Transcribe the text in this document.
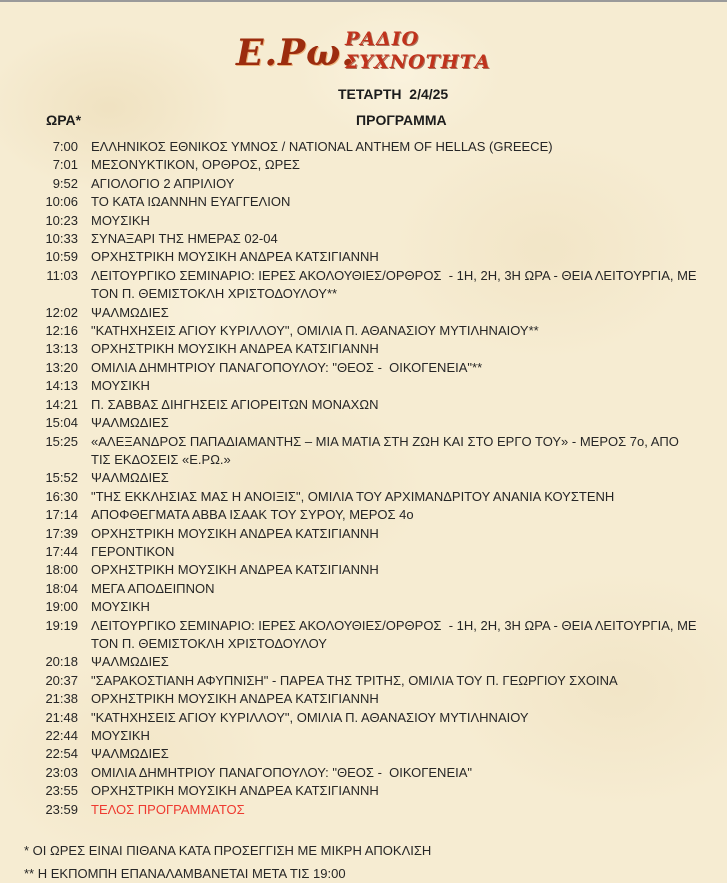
Ε.Ρω.
ΡΑΔΙΟ
ΣΥΧΝΟΤΗΤΑ
ΤΕΤΑΡΤΗ  2/4/25
ΩΡΑ*	ΠΡΟΓΡΑΜΜΑ
7:00 ΕΛΛΗΝΙΚΟΣ ΕΘΝΙΚΟΣ ΥΜΝΟΣ / NATIONAL ANTHEM OF HELLAS (GREECE)
7:01 ΜΕΣΟΝΥΚΤΙΚΟΝ, ΟΡΘΡΟΣ, ΩΡΕΣ
9:52 ΑΓΙΟΛΟΓΙΟ 2 ΑΠΡΙΛΙΟΥ
10:06 ΤΟ ΚΑΤΑ ΙΩΑΝΝΗΝ ΕΥΑΓΓΕΛΙΟΝ
10:23 ΜΟΥΣΙΚΗ
10:33 ΣΥΝΑΞΑΡΙ ΤΗΣ ΗΜΕΡΑΣ 02-04
10:59 ΟΡΧΗΣΤΡΙΚΗ ΜΟΥΣΙΚΗ ΑΝΔΡΕΑ ΚΑΤΣΙΓΙΑΝΝΗ
11:03 ΛΕΙΤΟΥΡΓΙΚΟ ΣΕΜΙΝΑΡΙΟ: ΙΕΡΕΣ ΑΚΟΛΟΥΘΙΕΣ/ΟΡΘΡΟΣ  - 1Η, 2Η, 3Η ΩΡΑ - ΘΕΙΑ ΛΕΙΤΟΥΡΓΙΑ, ΜΕ ΤΟΝ Π. ΘΕΜΙΣΤΟΚΛΗ ΧΡΙΣΤΟΔΟΥΛΟΥ**
12:02 ΨΑΛΜΩΔΙΕΣ
12:16 "ΚΑΤΗΧΗΣΕΙΣ ΑΓΙΟΥ ΚΥΡΙΛΛΟΥ", ΟΜΙΛΙΑ Π. ΑΘΑΝΑΣΙΟΥ ΜΥΤΙΛΗΝΑΙΟΥ**
13:13 ΟΡΧΗΣΤΡΙΚΗ ΜΟΥΣΙΚΗ ΑΝΔΡΕΑ ΚΑΤΣΙΓΙΑΝΝΗ
13:20 ΟΜΙΛΙΑ ΔΗΜΗΤΡΙΟΥ ΠΑΝΑΓΟΠΟΥΛΟΥ: "ΘΕΟΣ -  ΟΙΚΟΓΕΝΕΙΑ"**
14:13 ΜΟΥΣΙΚΗ
14:21 Π. ΣΑΒΒΑΣ ΔΙΗΓΗΣΕΙΣ ΑΓΙΟΡΕΙΤΩΝ ΜΟΝΑΧΩΝ
15:04 ΨΑΛΜΩΔΙΕΣ
15:25 «ΑΛΕΞΑΝΔΡΟΣ ΠΑΠΑΔΙΑΜΑΝΤΗΣ – ΜΙΑ ΜΑΤΙΑ ΣΤΗ ΖΩΗ ΚΑΙ ΣΤΟ ΕΡΓΟ ΤΟΥ» - ΜΕΡΟΣ 7ο, ΑΠΟ ΤΙΣ ΕΚΔΟΣΕΙΣ «Ε.ΡΩ.»
15:52 ΨΑΛΜΩΔΙΕΣ
16:30 "ΤΗΣ ΕΚΚΛΗΣΙΑΣ ΜΑΣ Η ΑΝΟΙΞΙΣ", ΟΜΙΛΙΑ ΤΟΥ ΑΡΧΙΜΑΝΔΡΙΤΟΥ ΑΝΑΝΙΑ ΚΟΥΣΤΕΝΗ
17:14 ΑΠΟΦΘΕΓΜΑΤΑ ΑΒΒΑ ΙΣΑΑΚ ΤΟΥ ΣΥΡΟΥ, ΜΕΡΟΣ 4ο
17:39 ΟΡΧΗΣΤΡΙΚΗ ΜΟΥΣΙΚΗ ΑΝΔΡΕΑ ΚΑΤΣΙΓΙΑΝΝΗ
17:44 ΓΕΡΟΝΤΙΚΟΝ
18:00 ΟΡΧΗΣΤΡΙΚΗ ΜΟΥΣΙΚΗ ΑΝΔΡΕΑ ΚΑΤΣΙΓΙΑΝΝΗ
18:04 ΜΕΓΑ ΑΠΟΔΕΙΠΝΟΝ
19:00 ΜΟΥΣΙΚΗ
19:19 ΛΕΙΤΟΥΡΓΙΚΟ ΣΕΜΙΝΑΡΙΟ: ΙΕΡΕΣ ΑΚΟΛΟΥΘΙΕΣ/ΟΡΘΡΟΣ  - 1Η, 2Η, 3Η ΩΡΑ - ΘΕΙΑ ΛΕΙΤΟΥΡΓΙΑ, ΜΕ ΤΟΝ Π. ΘΕΜΙΣΤΟΚΛΗ ΧΡΙΣΤΟΔΟΥΛΟΥ
20:18 ΨΑΛΜΩΔΙΕΣ
20:37 "ΣΑΡΑΚΟΣΤΙΑΝΗ ΑΦΥΠΝΙΣΗ" - ΠΑΡΕΑ ΤΗΣ ΤΡΙΤΗΣ, ΟΜΙΛΙΑ ΤΟΥ Π. ΓΕΩΡΓΙΟΥ ΣΧΟΙΝΑ
21:38 ΟΡΧΗΣΤΡΙΚΗ ΜΟΥΣΙΚΗ ΑΝΔΡΕΑ ΚΑΤΣΙΓΙΑΝΝΗ
21:48 "ΚΑΤΗΧΗΣΕΙΣ ΑΓΙΟΥ ΚΥΡΙΛΛΟΥ", ΟΜΙΛΙΑ Π. ΑΘΑΝΑΣΙΟΥ ΜΥΤΙΛΗΝΑΙΟΥ
22:44 ΜΟΥΣΙΚΗ
22:54 ΨΑΛΜΩΔΙΕΣ
23:03 ΟΜΙΛΙΑ ΔΗΜΗΤΡΙΟΥ ΠΑΝΑΓΟΠΟΥΛΟΥ: "ΘΕΟΣ -  ΟΙΚΟΓΕΝΕΙΑ"
23:55 ΟΡΧΗΣΤΡΙΚΗ ΜΟΥΣΙΚΗ ΑΝΔΡΕΑ ΚΑΤΣΙΓΙΑΝΝΗ
23:59 ΤΕΛΟΣ ΠΡΟΓΡΑΜΜΑΤΟΣ
* ΟΙ ΩΡΕΣ ΕΙΝΑΙ ΠΙΘΑΝΑ ΚΑΤΑ ΠΡΟΣΕΓΓΙΣΗ ΜΕ ΜΙΚΡΗ ΑΠΟΚΛΙΣΗ
** Η ΕΚΠΟΜΠΗ ΕΠΑΝΑΛΑΜΒΑΝΕΤΑΙ ΜΕΤΑ ΤΙΣ 19:00
